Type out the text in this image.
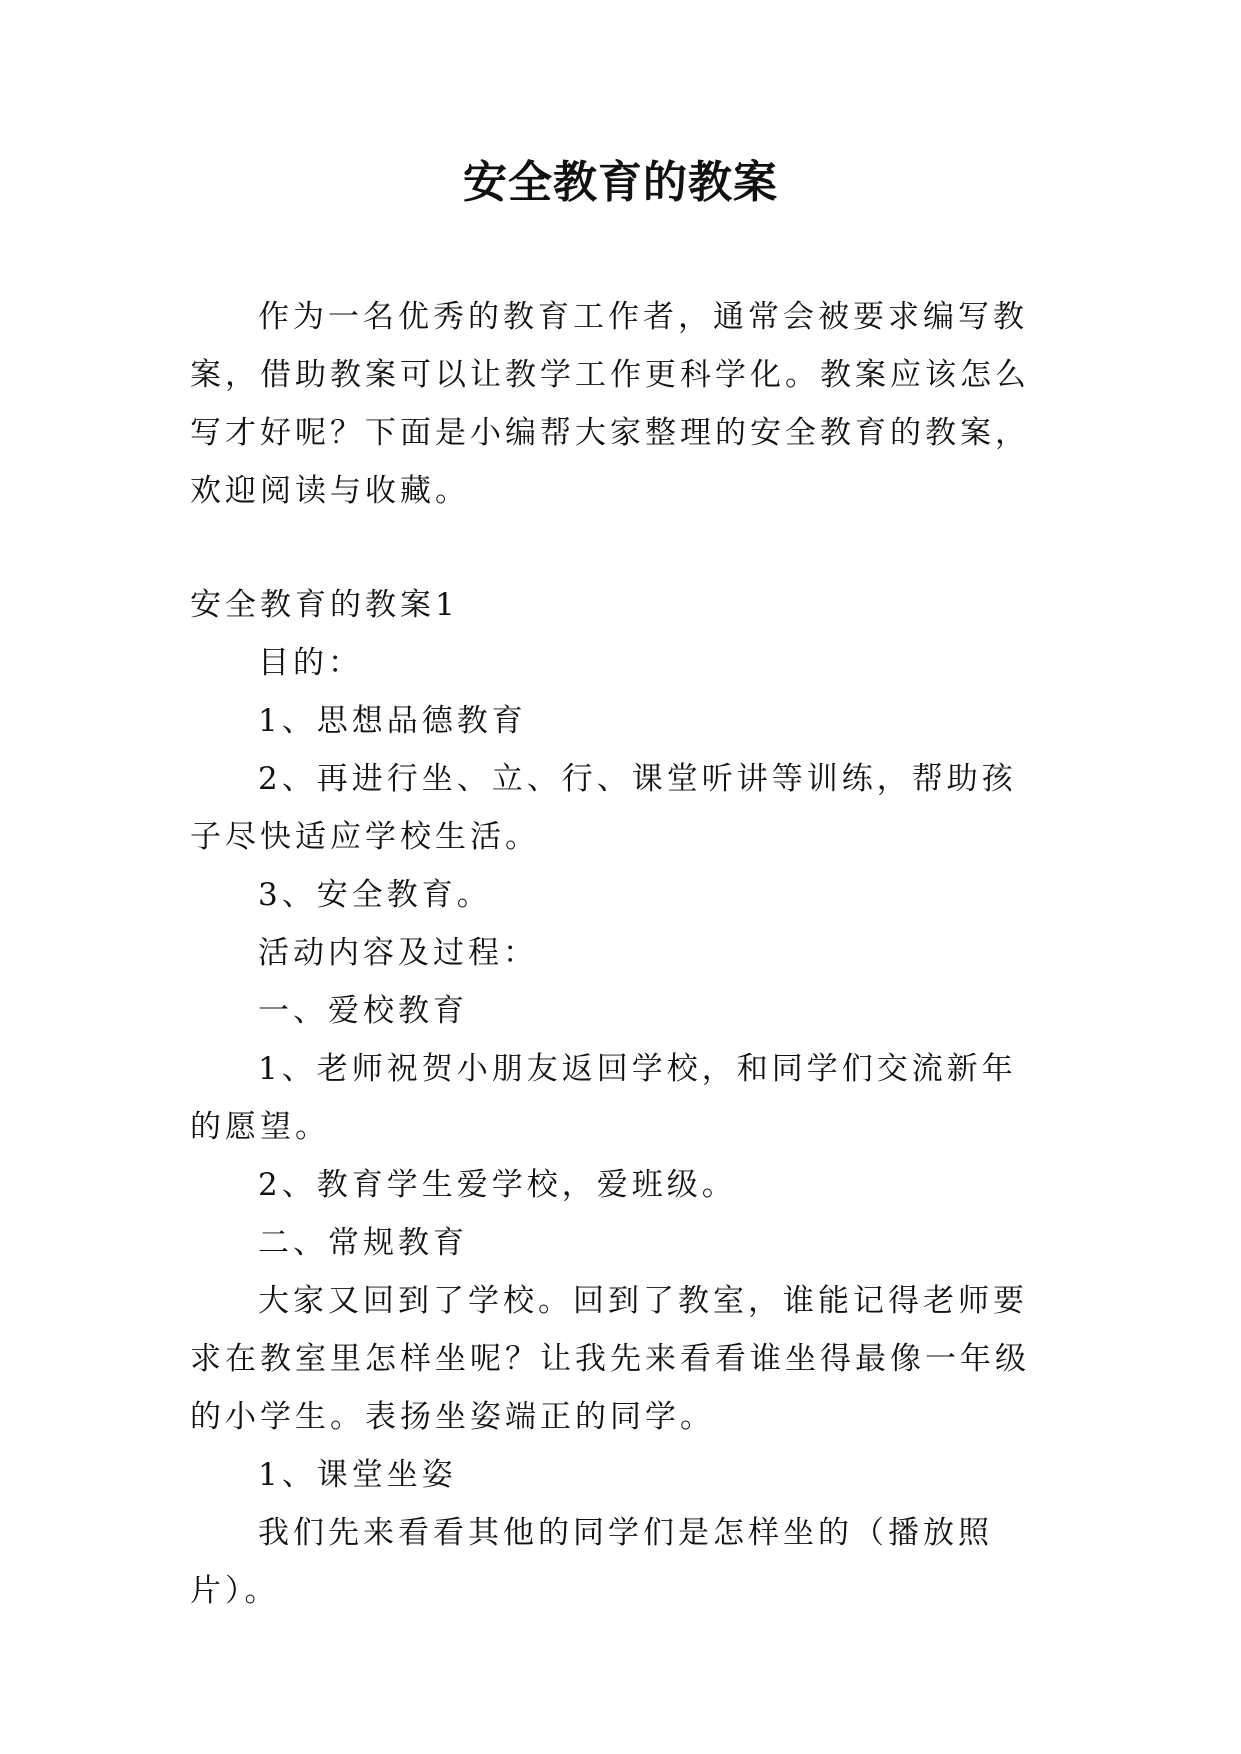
安全教育的教案

作为一名优秀的教育工作者，通常会被要求编写教案，借助教案可以让教学工作更科学化。教案应该怎么写才好呢？下面是小编帮大家整理的安全教育的教案，欢迎阅读与收藏。

安全教育的教案1

目的：

1、思想品德教育

2、再进行坐、立、行、课堂听讲等训练，帮助孩子尽快适应学校生活。

3、安全教育。

活动内容及过程：

一、爱校教育

1、老师祝贺小朋友返回学校，和同学们交流新年的愿望。

2、教育学生爱学校，爱班级。

二、常规教育

大家又回到了学校。回到了教室，谁能记得老师要求在教室里怎样坐呢？让我先来看看谁坐得最像一年级的小学生。表扬坐姿端正的同学。

1、课堂坐姿

我们先来看看其他的同学们是怎样坐的（播放照片）。
